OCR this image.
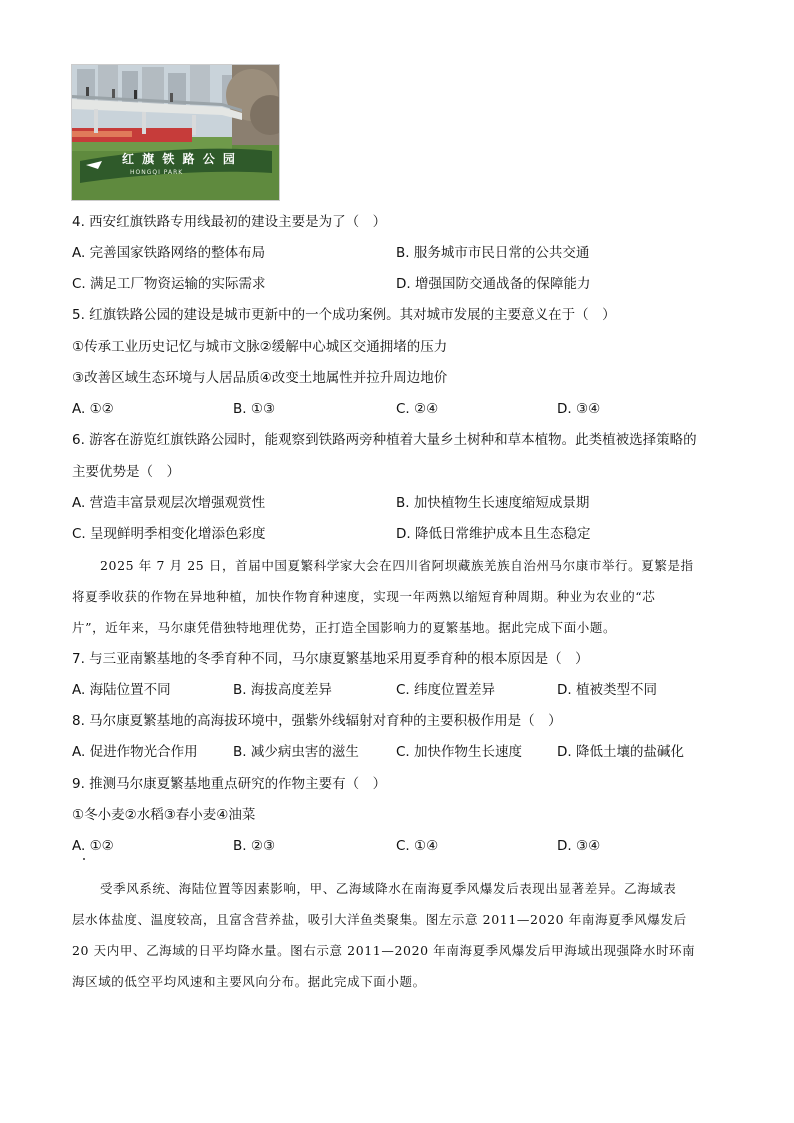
红 旗 铁 路 公 园
HONGQI PARK
4. 西安红旗铁路专用线最初的建设主要是为了（　）
A. 完善国家铁路网络的整体布局	B. 服务城市市民日常的公共交通
C. 满足工厂物资运输的实际需求	D. 增强国防交通战备的保障能力
5. 红旗铁路公园的建设是城市更新中的一个成功案例。其对城市发展的主要意义在于（　）
①传承工业历史记忆与城市文脉②缓解中心城区交通拥堵的压力
③改善区域生态环境与人居品质④改变土地属性并拉升周边地价
A. ①②	B. ①③	C. ②④	D. ③④
6. 游客在游览红旗铁路公园时，能观察到铁路两旁种植着大量乡土树种和草本植物。此类植被选择策略的
主要优势是（　）
A. 营造丰富景观层次增强观赏性	B. 加快植物生长速度缩短成景期
C. 呈现鲜明季相变化增添色彩度	D. 降低日常维护成本且生态稳定
2025 年 7 月 25 日，首届中国夏繁科学家大会在四川省阿坝藏族羌族自治州马尔康市举行。夏繁是指
将夏季收获的作物在异地种植，加快作物育种速度，实现一年两熟以缩短育种周期。种业为农业的“芯
片”，近年来，马尔康凭借独特地理优势，正打造全国影响力的夏繁基地。据此完成下面小题。
7. 与三亚南繁基地的冬季育种不同，马尔康夏繁基地采用夏季育种的根本原因是（　）
A. 海陆位置不同	B. 海拔高度差异	C. 纬度位置差异	D. 植被类型不同
8. 马尔康夏繁基地的高海拔环境中，强紫外线辐射对育种的主要积极作用是（　）
A. 促进作物光合作用	B. 减少病虫害的滋生	C. 加快作物生长速度	D. 降低土壤的盐碱化
9. 推测马尔康夏繁基地重点研究的作物主要有（　）
①冬小麦②水稻③春小麦④油菜
A. ①②	B. ②③	C. ①④	D. ③④
受季风系统、海陆位置等因素影响，甲、乙海域降水在南海夏季风爆发后表现出显著差异。乙海域表
层水体盐度、温度较高，且富含营养盐，吸引大洋鱼类聚集。图左示意 2011—2020 年南海夏季风爆发后
20 天内甲、乙海域的日平均降水量。图右示意 2011—2020 年南海夏季风爆发后甲海域出现强降水时环南
海区域的低空平均风速和主要风向分布。据此完成下面小题。
